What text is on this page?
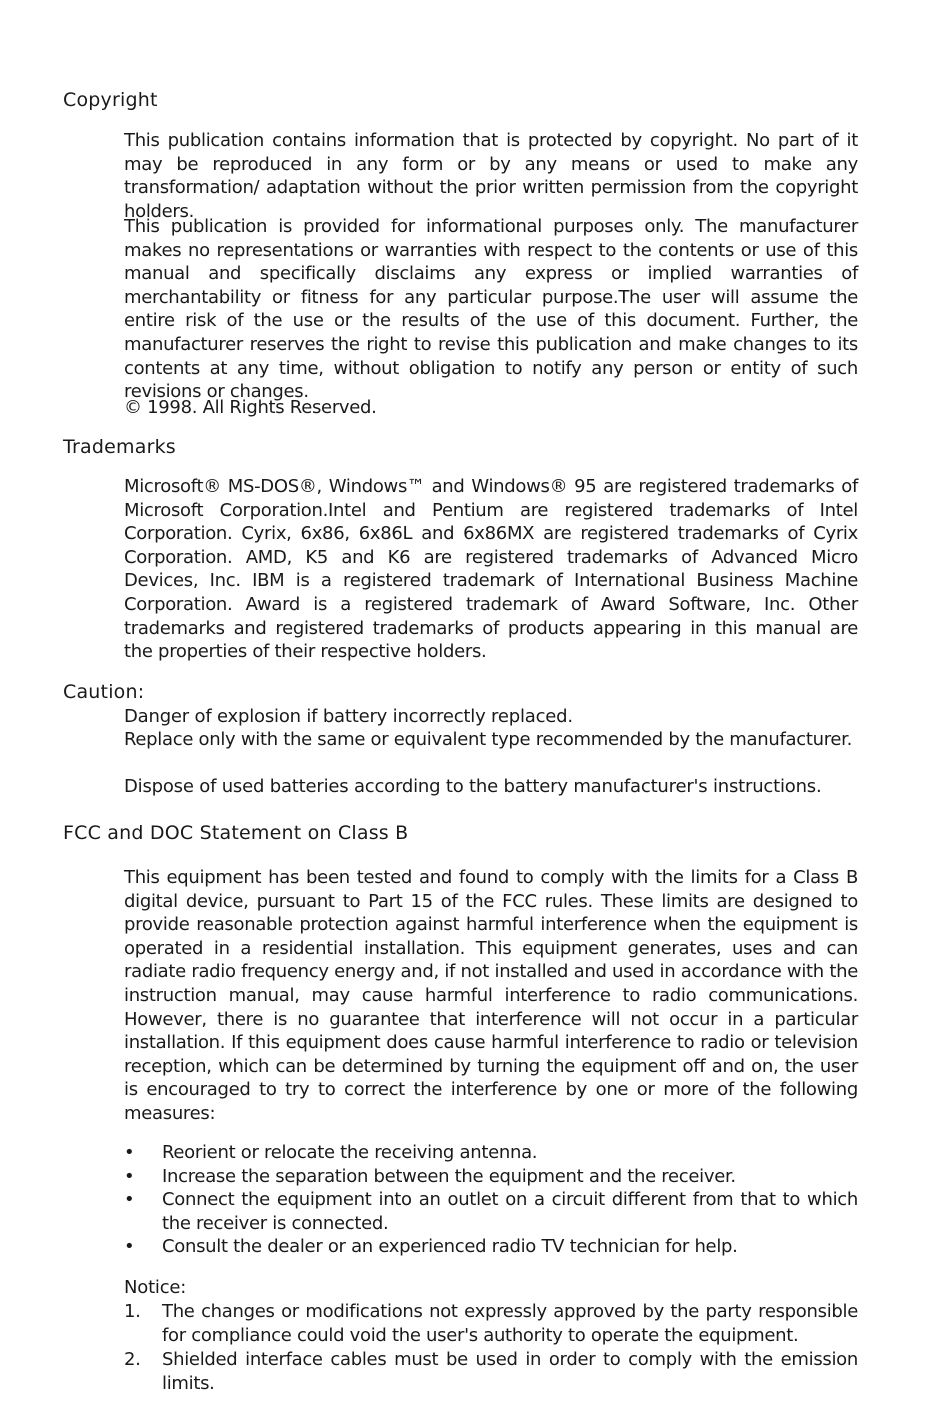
Copyright

This publication contains information that is protected by copyright. No part of it may be reproduced in any form or by any means or used to make any transformation/ adaptation without the prior written permission from the copyright holders.

This publication is provided for informational purposes only. The manufacturer makes no representations or warranties with respect to the contents or use of this manual and specifically disclaims any express or implied warranties of merchantability or fitness for any particular purpose.The user will assume the entire risk of the use or the results of the use of this document. Further, the manufacturer reserves the right to revise this publication and make changes to its contents at any time, without obligation to notify any person or entity of such revisions or changes.

© 1998. All Rights Reserved.

Trademarks

Microsoft® MS-DOS®, Windows™ and Windows® 95 are registered trademarks of Microsoft Corporation.Intel and Pentium are registered trademarks of Intel Corporation. Cyrix, 6x86, 6x86L and 6x86MX are registered trademarks of Cyrix Corporation. AMD, K5 and K6 are registered trademarks of Advanced Micro Devices, Inc. IBM is a registered trademark of International Business Machine Corporation. Award is a registered trademark of Award Software, Inc. Other trademarks and registered trademarks of products appearing in this manual are the properties of their respective holders.

Caution:

Danger of explosion if battery incorrectly replaced.

Replace only with the same or equivalent type recommended by the manufacturer.

Dispose of used batteries according to the battery manufacturer's instructions.

FCC and DOC Statement on Class B

This equipment has been tested and found to comply with the limits for a Class B digital device, pursuant to Part 15 of the FCC rules. These limits are designed to provide reasonable protection against harmful interference when the equipment is operated in a residential installation. This equipment generates, uses and can radiate radio frequency energy and, if not installed and used in accordance with the instruction manual, may cause harmful interference to radio communications. However, there is no guarantee that interference will not occur in a particular installation. If this equipment does cause harmful interference to radio or television reception, which can be determined by turning the equipment off and on, the user is encouraged to try to correct the interference by one or more of the following measures:

• Reorient or relocate the receiving antenna.
• Increase the separation between the equipment and the receiver.
• Connect the equipment into an outlet on a circuit different from that to which the receiver is connected.
• Consult the dealer or an experienced radio TV technician for help.

Notice:

1. The changes or modifications not expressly approved by the party responsible for compliance could void the user's authority to operate the equipment.
2. Shielded interface cables must be used in order to comply with the emission limits.
